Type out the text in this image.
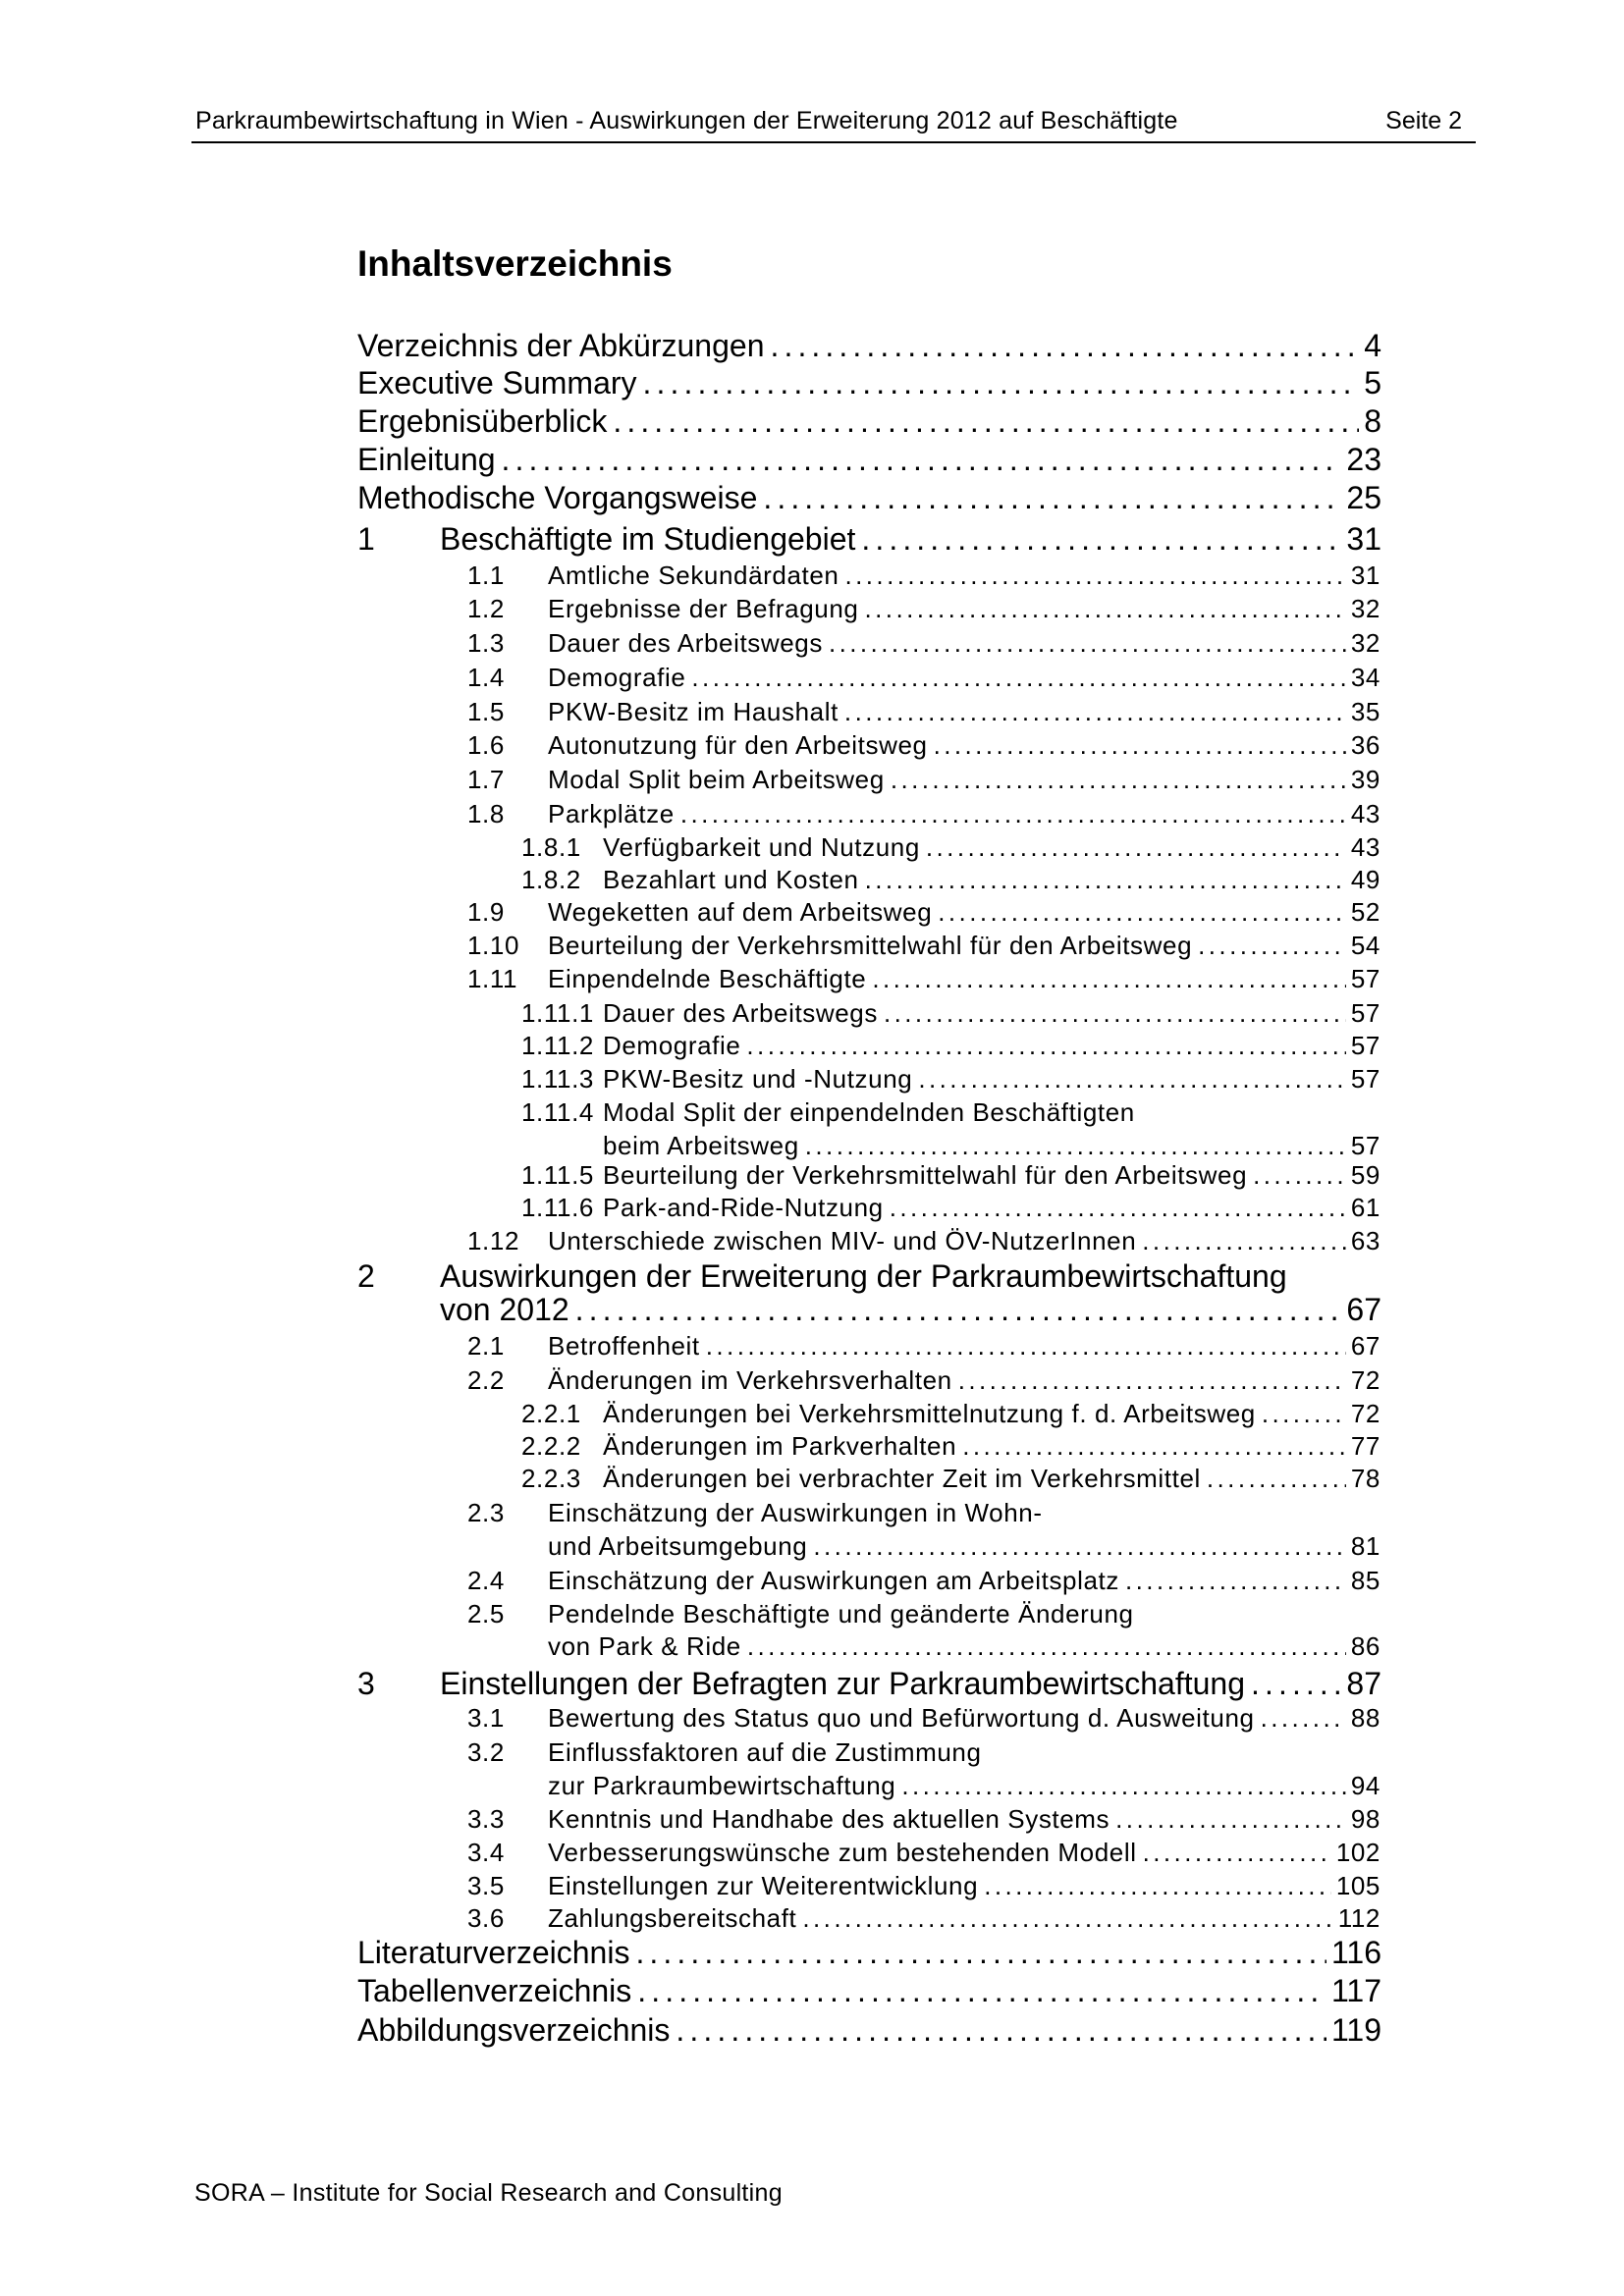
Parkraumbewirtschaftung in Wien - Auswirkungen der Erweiterung 2012 auf Beschäftigte	Seite 2
Inhaltsverzeichnis
Verzeichnis der Abkürzungen . . .	4
Executive Summary . . .	5
Ergebnisüberblick . . .	8
Einleitung . . .	23
Methodische Vorgangsweise . . .	25
1 Beschäftigte im Studiengebiet . . .	31
1.1 Amtliche Sekundärdaten . . .	31
1.2 Ergebnisse der Befragung . . .	32
1.3 Dauer des Arbeitswegs . . .	32
1.4 Demografie . . .	34
1.5 PKW-Besitz im Haushalt . . .	35
1.6 Autonutzung für den Arbeitsweg . . .	36
1.7 Modal Split beim Arbeitsweg . . .	39
1.8 Parkplätze . . .	43
1.8.1 Verfügbarkeit und Nutzung . . .	43
1.8.2 Bezahlart und Kosten . . .	49
1.9 Wegeketten auf dem Arbeitsweg . . .	52
1.10 Beurteilung der Verkehrsmittelwahl für den Arbeitsweg . . .	54
1.11 Einpendelnde Beschäftigte . . .	57
1.11.1 Dauer des Arbeitswegs . . .	57
1.11.2 Demografie . . .	57
1.11.3 PKW-Besitz und -Nutzung . . .	57
1.11.4 Modal Split der einpendelnden Beschäftigten
beim Arbeitsweg . . .	57
1.11.5 Beurteilung der Verkehrsmittelwahl für den Arbeitsweg . . .	59
1.11.6 Park-and-Ride-Nutzung . . .	61
1.12 Unterschiede zwischen MIV- und ÖV-NutzerInnen . . .	63
2 Auswirkungen der Erweiterung der Parkraumbewirtschaftung
von 2012 . . .	67
2.1 Betroffenheit . . .	67
2.2 Änderungen im Verkehrsverhalten . . .	72
2.2.1 Änderungen bei Verkehrsmittelnutzung f. d. Arbeitsweg . . .	72
2.2.2 Änderungen im Parkverhalten . . .	77
2.2.3 Änderungen bei verbrachter Zeit im Verkehrsmittel . . .	78
2.3 Einschätzung der Auswirkungen in Wohn-
und Arbeitsumgebung . . .	81
2.4 Einschätzung der Auswirkungen am Arbeitsplatz . . .	85
2.5 Pendelnde Beschäftigte und geänderte Änderung
von Park & Ride . . .	86
3 Einstellungen der Befragten zur Parkraumbewirtschaftung . . .	87
3.1 Bewertung des Status quo und Befürwortung d. Ausweitung . . .	88
3.2 Einflussfaktoren auf die Zustimmung
zur Parkraumbewirtschaftung . . .	94
3.3 Kenntnis und Handhabe des aktuellen Systems . . .	98
3.4 Verbesserungswünsche zum bestehenden Modell . . .	102
3.5 Einstellungen zur Weiterentwicklung . . .	105
3.6 Zahlungsbereitschaft . . .	112
Literaturverzeichnis . . .	116
Tabellenverzeichnis . . .	117
Abbildungsverzeichnis . . .	119
SORA – Institute for Social Research and Consulting
